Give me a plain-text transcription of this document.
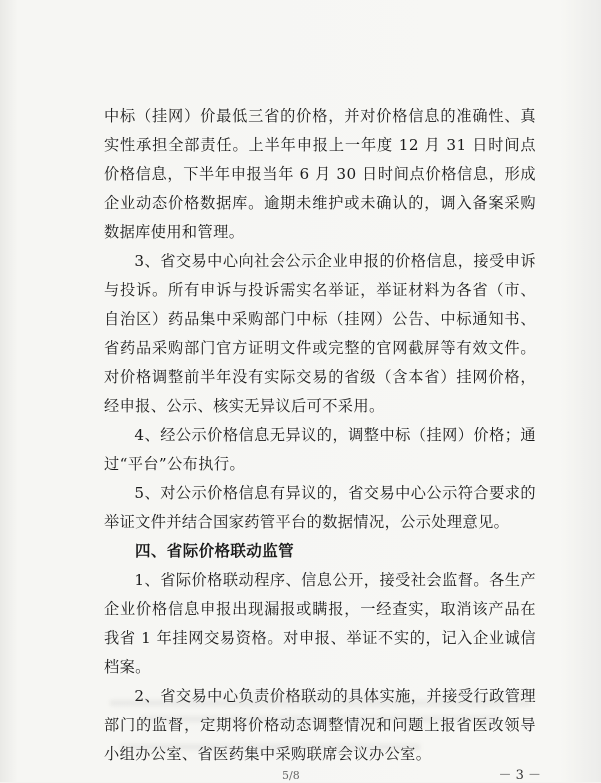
中标（挂网）价最低三省的价格，并对价格信息的准确性、真实性承担全部责任。上半年申报上一年度 12 月 31 日时间点价格信息，下半年申报当年 6 月 30 日时间点价格信息，形成企业动态价格数据库。逾期未维护或未确认的，调入备案采购数据库使用和管理。

3、省交易中心向社会公示企业申报的价格信息，接受申诉与投诉。所有申诉与投诉需实名举证，举证材料为各省（市、自治区）药品集中采购部门中标（挂网）公告、中标通知书、省药品采购部门官方证明文件或完整的官网截屏等有效文件。对价格调整前半年没有实际交易的省级（含本省）挂网价格，经申报、公示、核实无异议后可不采用。

4、经公示价格信息无异议的，调整中标（挂网）价格；通过“平台”公布执行。

5、对公示价格信息有异议的，省交易中心公示符合要求的举证文件并结合国家药管平台的数据情况，公示处理意见。

四、省际价格联动监管

1、省际价格联动程序、信息公开，接受社会监督。各生产企业价格信息申报出现漏报或瞒报，一经查实，取消该产品在我省 1 年挂网交易资格。对申报、举证不实的，记入企业诚信档案。

2、省交易中心负责价格联动的具体实施，并接受行政管理部门的监督，定期将价格动态调整情况和问题上报省医改领导小组办公室、省医药集中采购联席会议办公室。

5/8	－ 3 －
